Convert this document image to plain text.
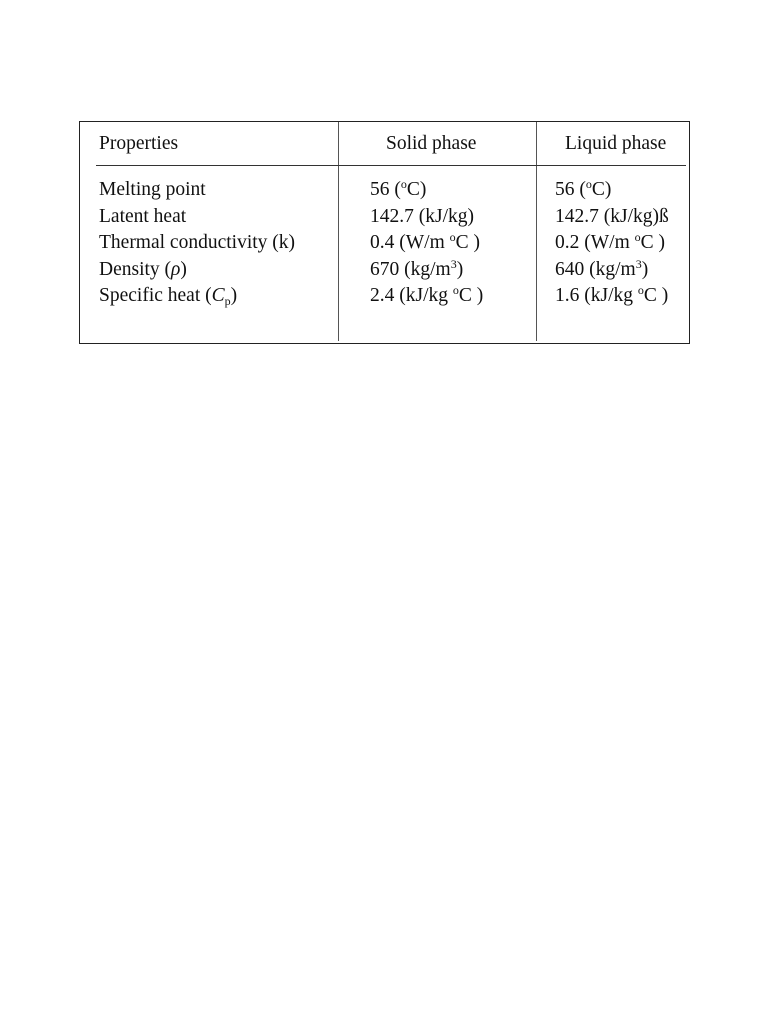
Properties	Solid phase	Liquid phase
Melting point	56 ($^o$C)	56 ($^o$C)
Latent heat	142.7 (kJ/kg)	142.7 (kJ/kg)ß
Thermal conductivity (k)	0.4 (W/m $^o$C )	0.2 (W/m $^o$C )
Density (ρ)	670 $(kg/m^3)$	640 $(kg/m^3)$
Specific heat $(C_p)$	2.4 (kJ/kg $^o$C )	1.6 (kJ/kg $^o$C )
